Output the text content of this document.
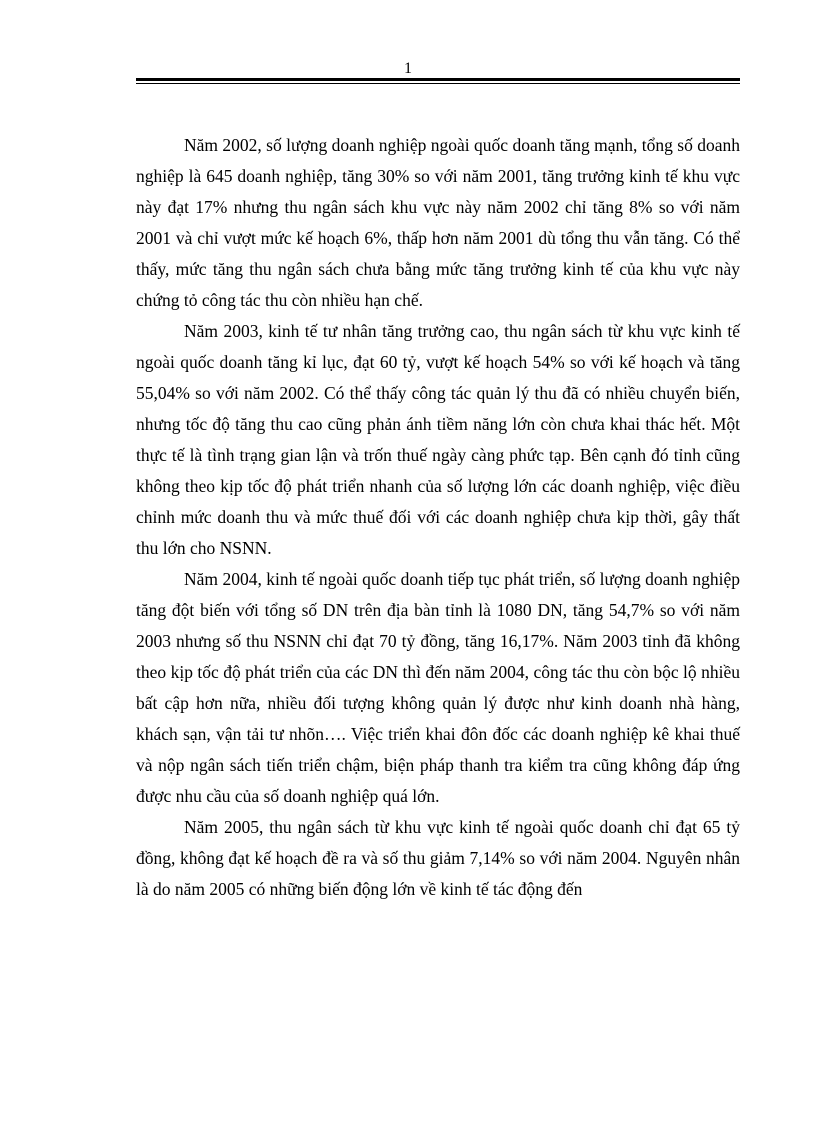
1

Năm 2002, số lượng doanh nghiệp ngoài quốc doanh tăng mạnh, tổng số doanh nghiệp là 645 doanh nghiệp, tăng 30% so với năm 2001, tăng trưởng kinh tế khu vực này đạt 17% nhưng thu ngân sách khu vực này năm 2002 chỉ tăng 8% so với năm 2001 và chỉ vượt mức kế hoạch 6%, thấp hơn năm 2001 dù tổng thu vẫn tăng. Có thể thấy, mức tăng thu ngân sách chưa bằng mức tăng trưởng kinh tế của khu vực này chứng tỏ công tác thu còn nhiều hạn chế.

Năm 2003, kinh tế tư nhân tăng trưởng cao, thu ngân sách từ khu vực kinh tế ngoài quốc doanh tăng kỉ lục, đạt 60 tỷ, vượt kế hoạch 54% so với kế hoạch và tăng 55,04% so với năm 2002. Có thể thấy công tác quản lý thu đã có nhiều chuyển biến, nhưng tốc độ tăng thu cao cũng phản ánh tiềm năng lớn còn chưa khai thác hết. Một thực tế là tình trạng gian lận và trốn thuế ngày càng phức tạp. Bên cạnh đó tỉnh cũng không theo kịp tốc độ phát triển nhanh của số lượng lớn các doanh nghiệp, việc điều chỉnh mức doanh thu và mức thuế đối với các doanh nghiệp chưa kịp thời, gây thất thu lớn cho NSNN.

Năm 2004, kinh tế ngoài quốc doanh tiếp tục phát triển, số lượng doanh nghiệp tăng đột biến với tổng số DN trên địa bàn tỉnh là 1080 DN, tăng 54,7% so với năm 2003 nhưng số thu NSNN chỉ đạt 70 tỷ đồng, tăng 16,17%. Năm 2003 tỉnh đã không theo kịp tốc độ phát triển của các DN thì đến năm 2004, công tác thu còn bộc lộ nhiều bất cập hơn nữa, nhiều đối tượng không quản lý được như kinh doanh nhà hàng, khách sạn, vận tải tư nhõn…. Việc triển khai đôn đốc các doanh nghiệp kê khai thuế và nộp ngân sách tiến triển chậm, biện pháp thanh tra kiểm tra cũng không đáp ứng được nhu cầu của số doanh nghiệp quá lớn.

Năm 2005, thu ngân sách từ khu vực kinh tế ngoài quốc doanh chỉ đạt 65 tỷ đồng, không đạt kế hoạch đề ra và số thu giảm 7,14% so với năm 2004. Nguyên nhân là do năm 2005 có những biến động lớn về kinh tế tác động đến
